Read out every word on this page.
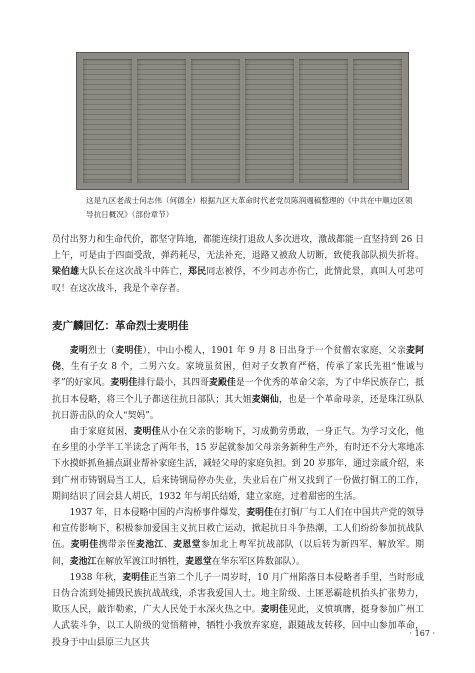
这是九区老战士何志伟（何德全）根据九区大革命时代老党员陈润週稿整理的《中共在中顺边区领导抗日概况》（部份章节）

员付出努力和生命代价，都坚守阵地，都能连续打退敌人多次进攻，激战都能一直坚持到 26 日上午，可是由于四面受敌，弹药耗尽，无法补充，退路又被敌人切断，致使我部队损失折将。梁伯雄大队长在这次战斗中阵亡，郑民同志被俘，不少同志亦伤亡，此情此景，真叫人可悲可叹！在这次战斗，我是个幸存者。

麦广麟回忆：革命烈士麦明佳

麦明烈士（麦明佳），中山小榄人，1901 年 9 月 8 日出身于一个贫僧农家庭，父亲麦阿侥，生有子女 8 个，二男六女。家境虽贫困，但对子女教育严格，传承了家氏先祖“惟诚与孝”的好家风。麦明佳排行最小，其四哥麦殿佳是一个优秀的革命父亲，为了中华民族存亡，抵抗日本侵略，将三个儿子都送往抗日部队；其大姐麦娴仙，也是一个革命母亲，还是珠江纵队抗日游击队的众人“契妈”。

由于家庭贫困，麦明佳从小在父亲的影响下，习成勤劳勇敢，一身正气。为学习文化，他在乡里的小学半工半读念了两年书，15 岁起就参加父母亲务新种生产外，有时还不分大寒地冻下水摸虾抓鱼捕点副业帮补家庭生活，减轻父母的家庭负担。到 20 岁那年，通过亲戚介绍，来到广州市铸钢局当工人，后来铸钢局停办失业，失业后在广州又找到了一份做打铜工的工作，期间结识了回会县人胡氏，1932 年与胡氏结婚，建立家庭，过着甜密的生活。

1937 年，日本侵略中国的卢沟桥事件爆发，麦明佳在打铜厂与工人们在中国共产党的领导和宣传影响下，积极参加爱国主义抗日救亡运动，掀起抗日斗争热潮，工人们纷纷参加抗战队伍。麦明佳携带亲侄麦池江、麦恩堂参加北上粤军抗战部队（以后转为新四军、解放军。期间，麦池江在解放军渡江时牺牲，麦恩堂在华东军区阵数部队）。

1938 年秋，麦明佳正当第二个儿子一周岁时，10 月广州陷落日本侵略者手里，当时形成日伪合流到处捕毁民族抗战战线，杀害我爱国人士。地主阶级、土匪恶霸趁机抬头扩张势力，欺压人民，敲诈勒索，广大人民处于水深火热之中。麦明佳见此，义愤填膺，挺身参加广州工人武装斗争，以工人阶级的觉悟精神，牺牲小我放弃家庭，跟随战友转移，回中山参加革命，投身于中山县原三九区共

· 167 ·
